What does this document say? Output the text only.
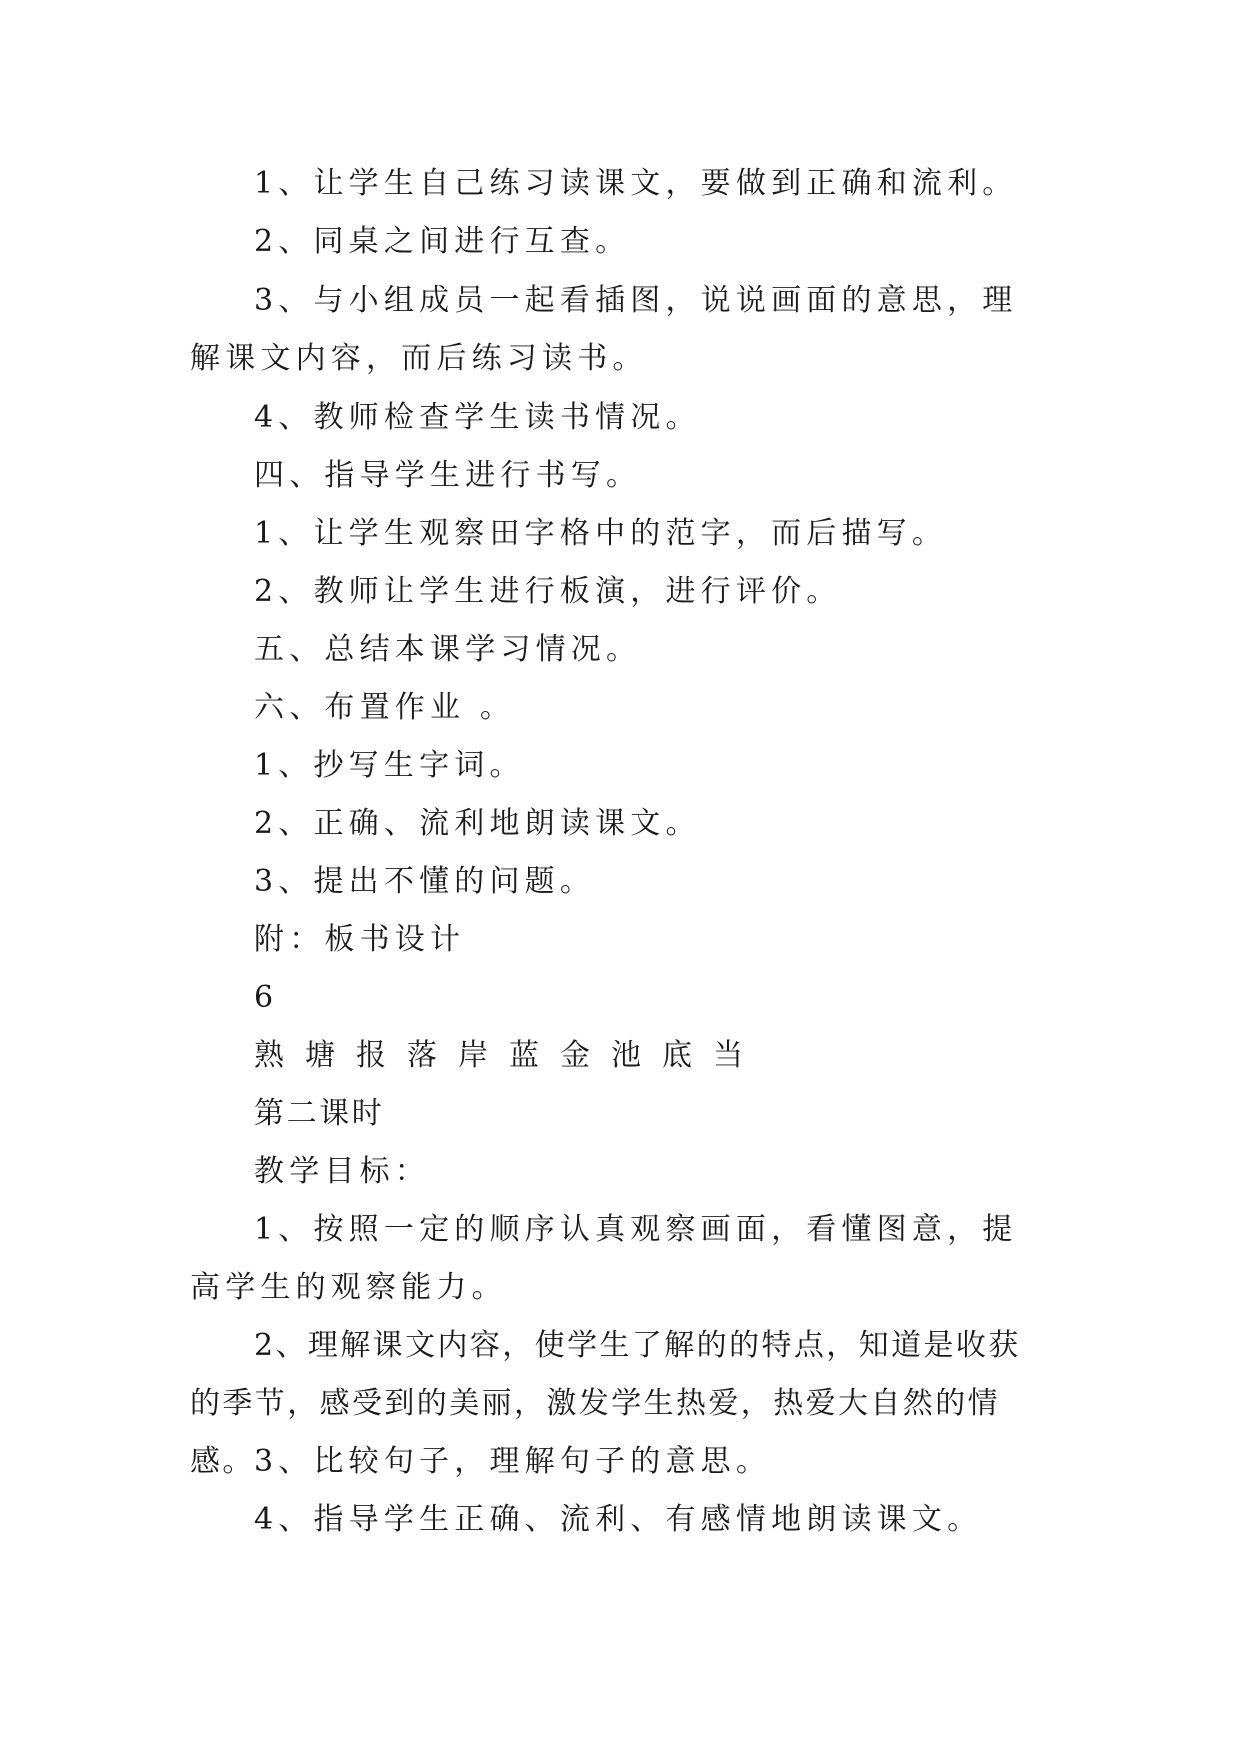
1、让学生自己练习读课文，要做到正确和流利。
2、同桌之间进行互查。
3、与小组成员一起看插图，说说画面的意思，理解课文内容，而后练习读书。
4、教师检查学生读书情况。
四、指导学生进行书写。
1、让学生观察田字格中的范字，而后描写。
2、教师让学生进行板演，进行评价。
五、总结本课学习情况。
六、布置作业 。
1、抄写生字词。
2、正确、流利地朗读课文。
3、提出不懂的问题。
附：板书设计
6
熟 塘 报 落 岸 蓝 金 池 底 当
第二课时
教学目标：
1、按照一定的顺序认真观察画面，看懂图意，提高学生的观察能力。
2、理解课文内容，使学生了解的的特点，知道是收获的季节，感受到的美丽，激发学生热爱，热爱大自然的情感。 3、比较句子，理解句子的意思。
4、指导学生正确、流利、有感情地朗读课文。
